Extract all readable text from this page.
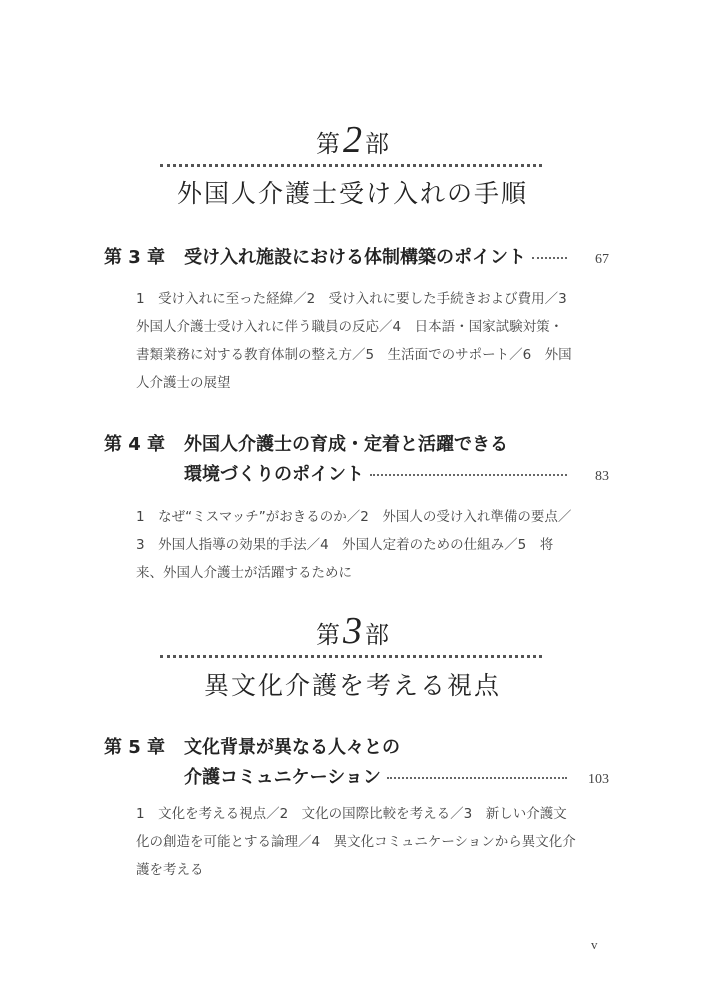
第2 部
外国人介護士受け入れの手順
第 3 章	受け入れ施設における体制構築のポイント	67
1　受け入れに至った経緯／2　受け入れに要した手続きおよび費用／3　外国人介護士受け入れに伴う職員の反応／4　日本語・国家試験対策・書類業務に対する教育体制の整え方／5　生活面でのサポート／6　外国人介護士の展望
第 4 章	外国人介護士の育成・定着と活躍できる
環境づくりのポイント	83
1　なぜ“ミスマッチ”がおきるのか／2　外国人の受け入れ準備の要点／3　外国人指導の効果的手法／4　外国人定着のための仕組み／5　将来、外国人介護士が活躍するために
第3 部
異文化介護を考える視点
第 5 章	文化背景が異なる人々との
介護コミュニケーション	103
1　文化を考える視点／2　文化の国際比較を考える／3　新しい介護文化の創造を可能とする論理／4　異文化コミュニケーションから異文化介護を考える
v
